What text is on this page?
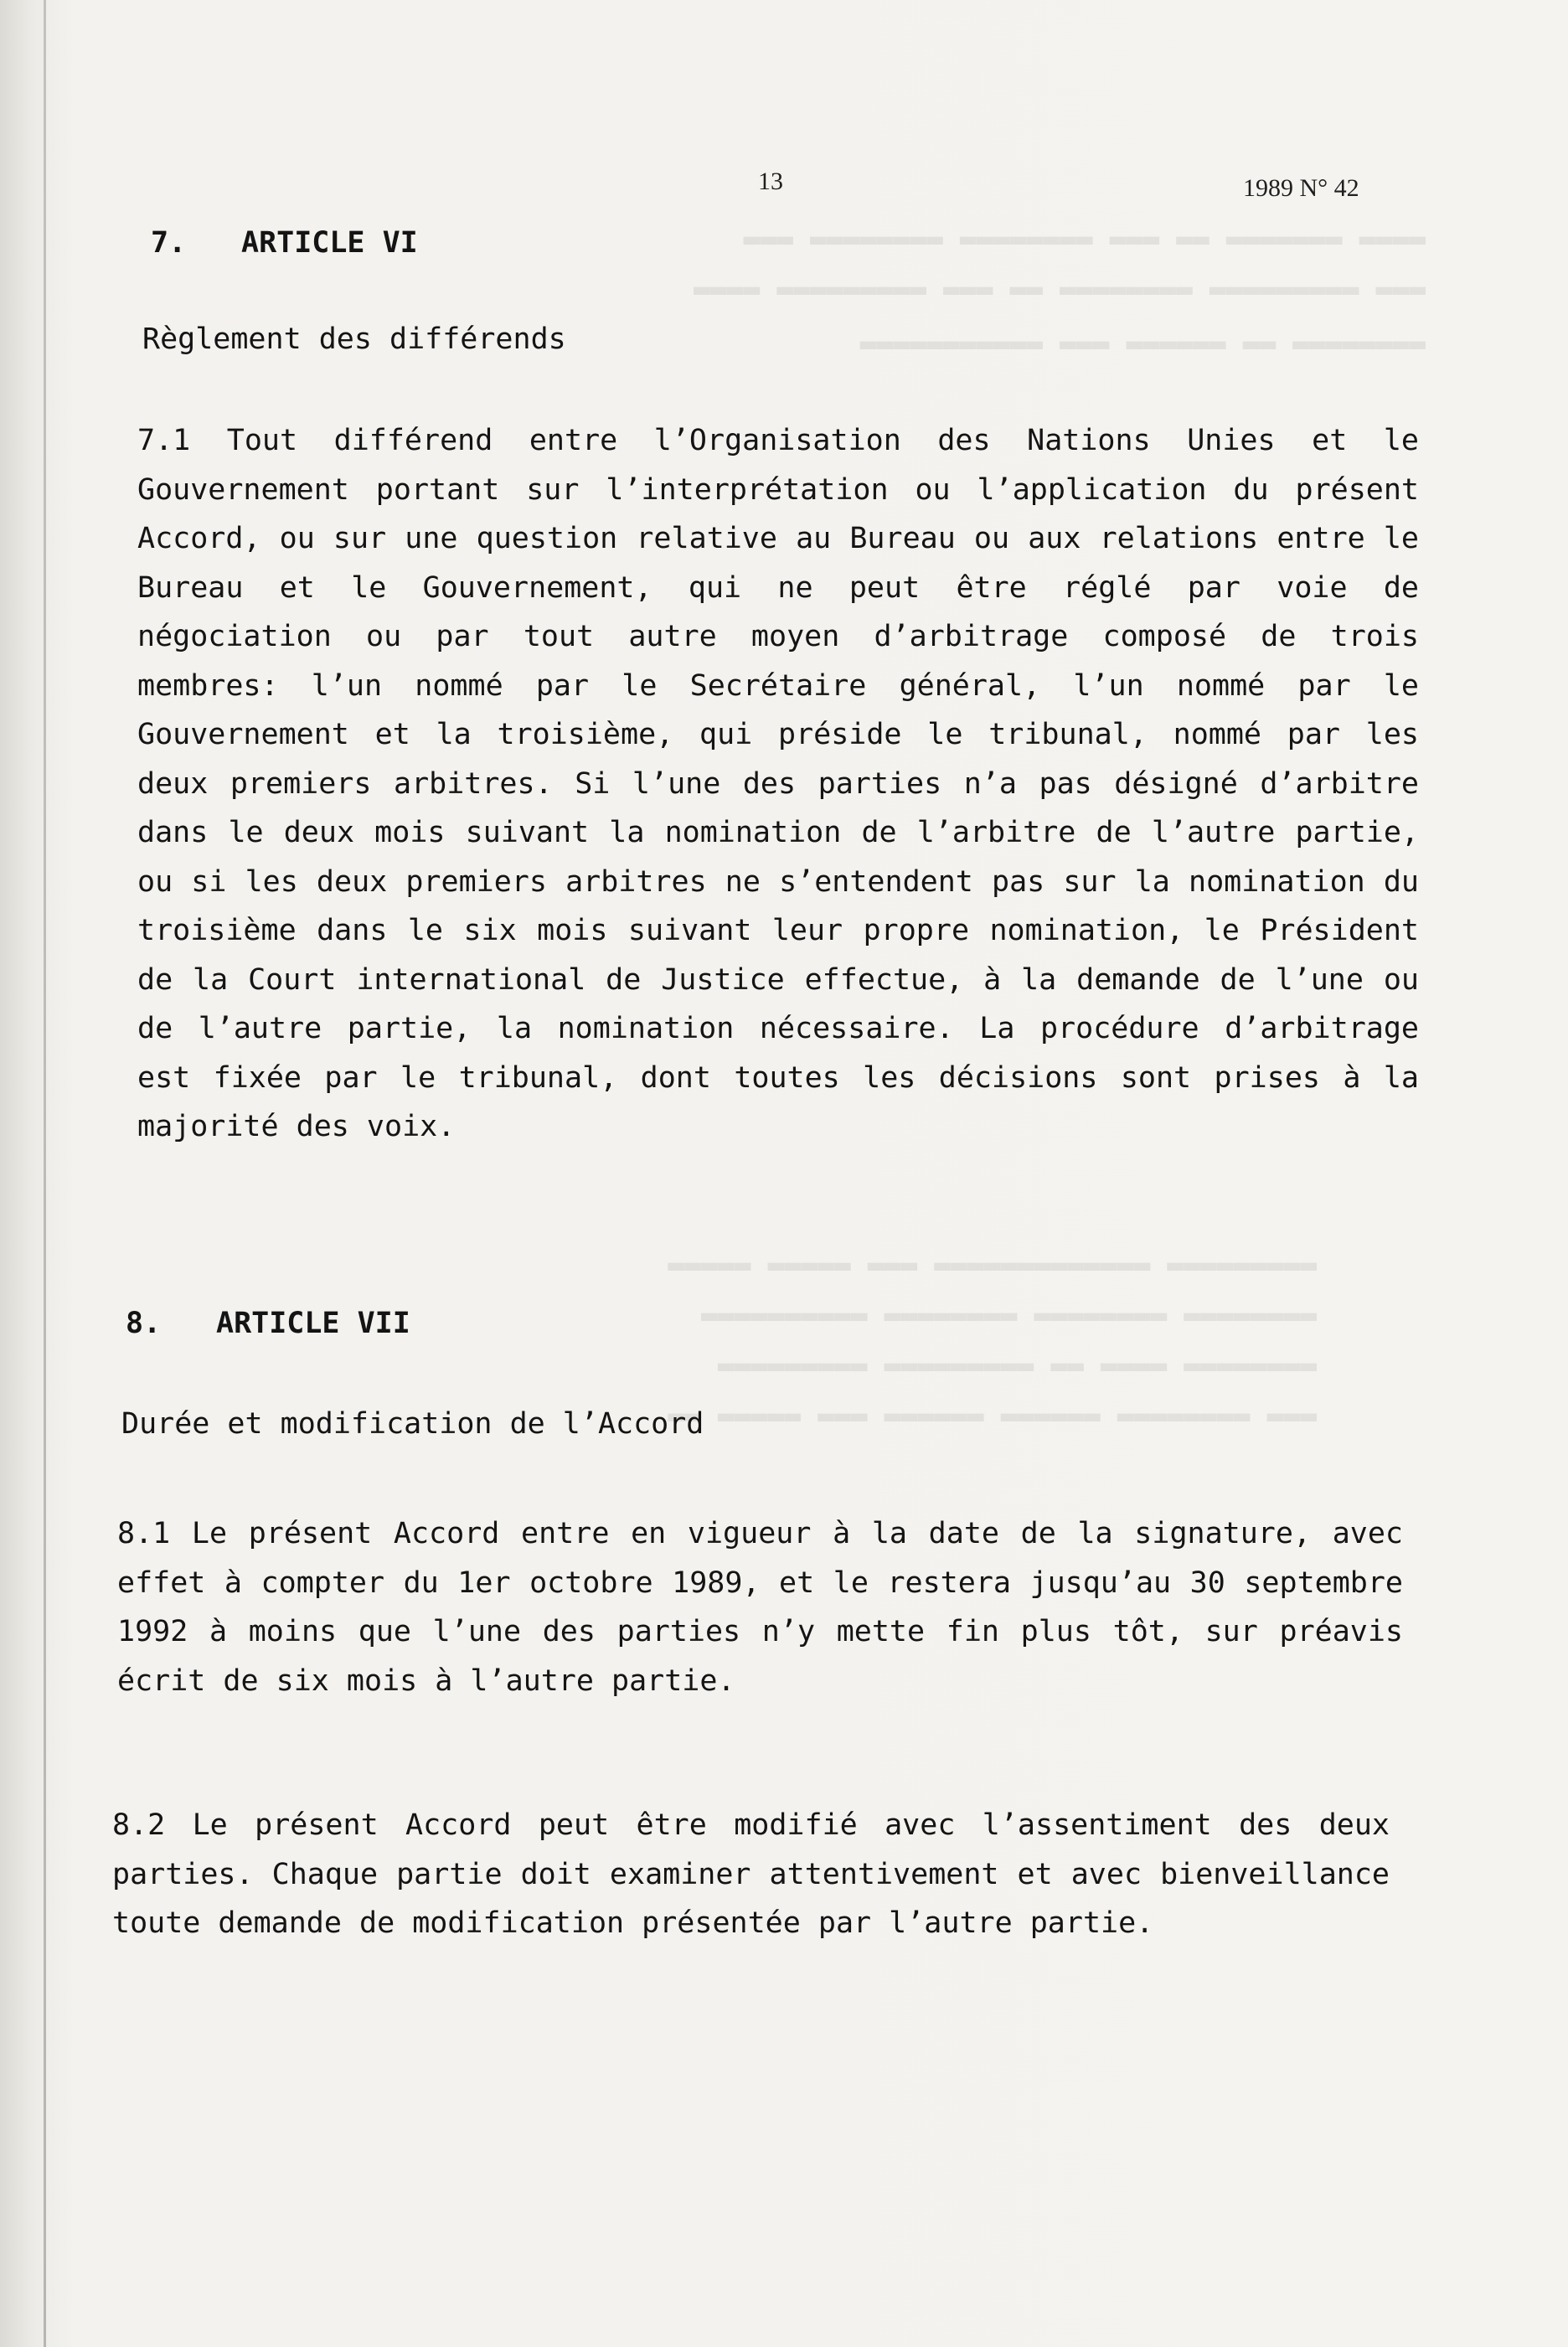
▬▬▬▬ ▬▬▬▬▬▬▬ ▬▬ ▬▬▬ ▬▬▬▬▬▬▬▬ ▬▬▬▬▬▬▬▬ ▬▬▬
▬▬▬ ▬▬▬▬▬▬▬▬▬ ▬▬▬▬▬▬▬▬ ▬▬ ▬▬▬ ▬▬▬▬▬▬▬▬▬ ▬▬▬▬
▬▬▬▬▬▬▬▬ ▬▬ ▬▬▬▬▬▬ ▬▬▬ ▬▬▬▬▬▬▬▬▬▬▬
▬▬▬▬▬▬▬▬▬ ▬▬▬▬▬▬▬▬▬▬▬▬▬ ▬▬▬ ▬▬▬▬▬ ▬▬▬▬▬
▬▬▬▬▬▬▬▬ ▬▬▬▬▬▬▬▬ ▬▬▬▬▬▬▬▬ ▬▬▬▬▬▬▬▬▬▬
▬▬▬▬▬▬▬▬ ▬▬▬▬ ▬▬ ▬▬▬▬▬▬▬▬▬ ▬▬▬▬▬▬▬▬▬
▬▬▬ ▬▬▬▬▬▬▬▬ ▬▬▬▬▬▬ ▬▬▬▬▬▬ ▬▬▬ ▬▬▬▬▬ ▬▬
13	1989 N° 42
7. ARTICLE VI
Règlement des différends
7.1 Tout différend entre l’Organisation des Nations Unies et le Gouvernement portant sur l’interprétation ou l’application du présent Accord, ou sur une question relative au Bureau ou aux relations entre le Bureau et le Gouvernement, qui ne peut être réglé par voie de négociation ou par tout autre moyen d’arbitrage composé de trois membres: l’un nommé par le Secrétaire général, l’un nommé par le Gouvernement et la troisième, qui préside le tribunal, nommé par les deux premiers arbitres. Si l’une des parties n’a pas désigné d’arbitre dans le deux mois suivant la nomination de l’arbitre de l’autre partie, ou si les deux premiers arbitres ne s’entendent pas sur la nomination du troisième dans le six mois suivant leur propre nomination, le Président de la Court international de Justice effectue, à la demande de l’une ou de l’autre partie, la nomination nécessaire. La procédure d’arbitrage est fixée par le tribunal, dont toutes les décisions sont prises à la majorité des voix.
8. ARTICLE VII
Durée et modification de l’Accord
8.1 Le présent Accord entre en vigueur à la date de la signature, avec effet à compter du 1er octobre 1989, et le restera jusqu’au 30 septembre 1992 à moins que l’une des parties n’y mette fin plus tôt, sur préavis écrit de six mois à l’autre partie.
8.2 Le présent Accord peut être modifié avec l’assentiment des deux parties. Chaque partie doit examiner attentivement et avec bienveillance toute demande de modification présentée par l’autre partie.
